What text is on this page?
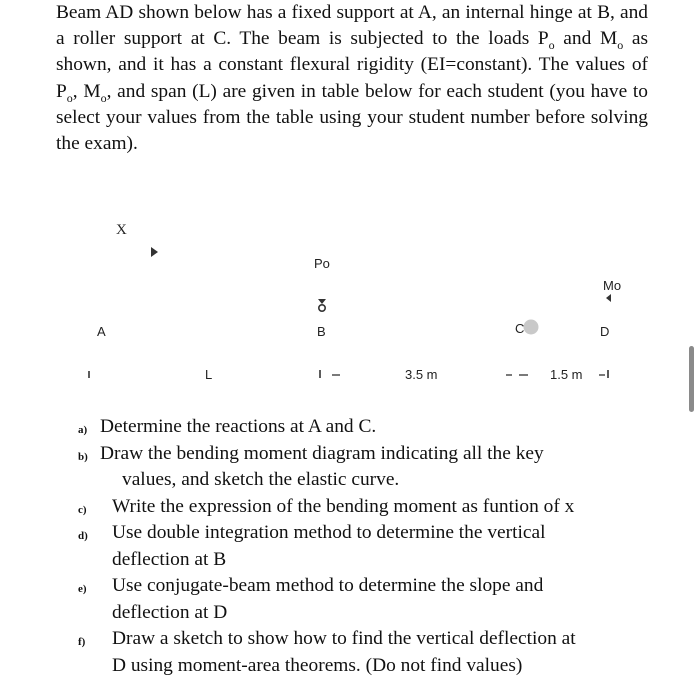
Beam AD shown below has a fixed support at A, an internal hinge at B, and a roller support at C. The beam is subjected to the loads $P_o$ and $M_o$ as shown, and it has a constant flexural rigidity (EI=constant). The values of $P_o$, $M_o$, and span (L) are given in table below for each student (you have to select your values from the table using your student number before solving the exam).

X
Po
Mo
A	B	C	D
L	3.5 m	1.5 m
a) Determine the reactions at A and C.
b) Draw the bending moment diagram indicating all the key
values, and sketch the elastic curve.
c) Write the expression of the bending moment as funtion of x
d) Use double integration method to determine the vertical
deflection at B
e) Use conjugate-beam method to determine the slope and
deflection at D
f) Draw a sketch to show how to find the vertical deflection at
D using moment-area theorems. (Do not find values)
